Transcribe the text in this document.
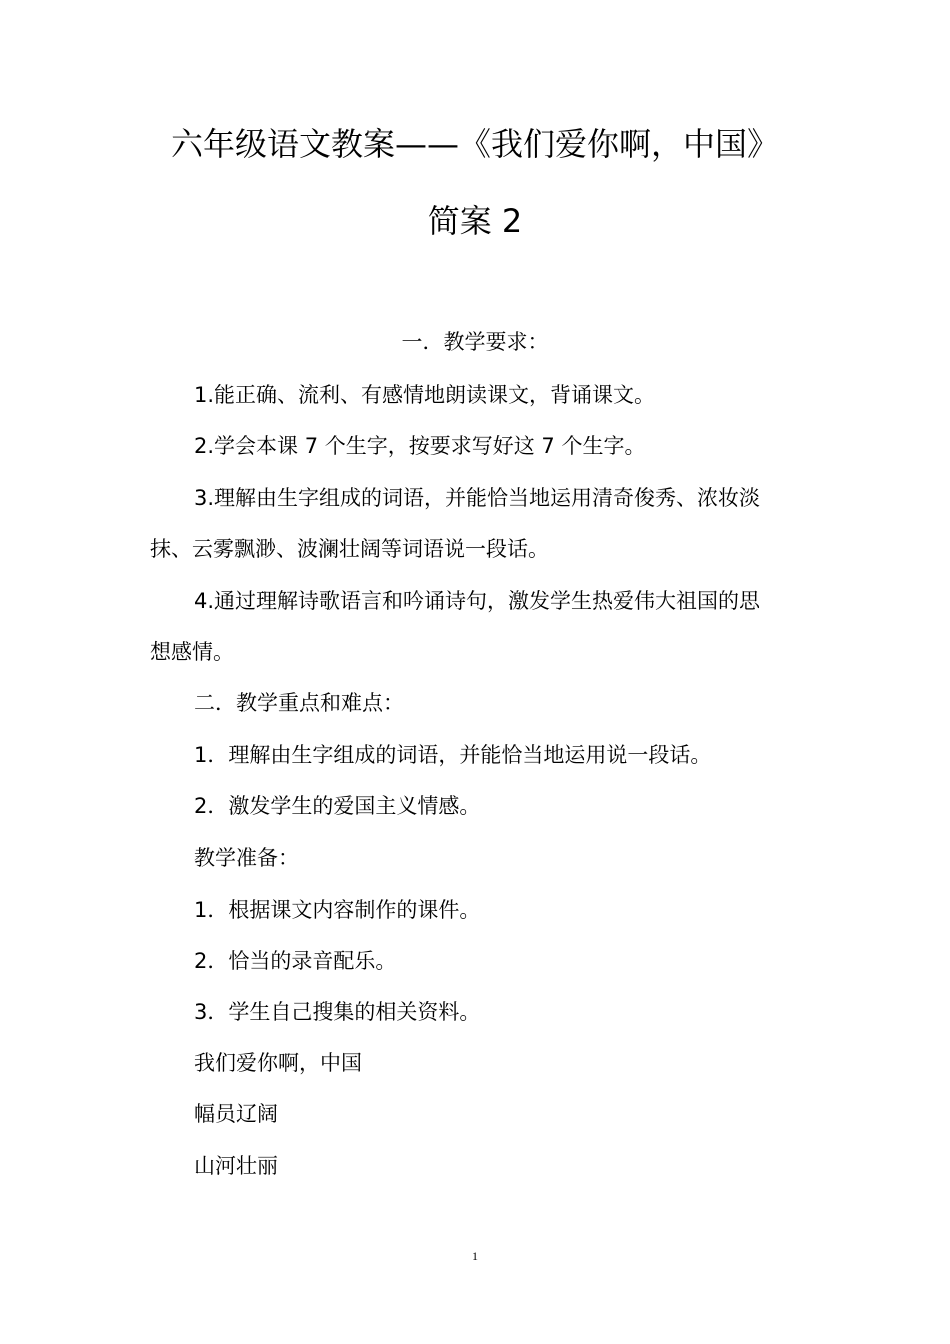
六年级语文教案——《我们爱你啊，中国》
简案 2
一．教学要求：
1.能正确、流利、有感情地朗读课文，背诵课文。
2.学会本课 7 个生字，按要求写好这 7 个生字。
3.理解由生字组成的词语，并能恰当地运用清奇俊秀、浓妆淡
抹、云雾飘渺、波澜壮阔等词语说一段话。
4.通过理解诗歌语言和吟诵诗句，激发学生热爱伟大祖国的思
想感情。
二．教学重点和难点：
1．理解由生字组成的词语，并能恰当地运用说一段话。
2．激发学生的爱国主义情感。
教学准备：
1．根据课文内容制作的课件。
2．恰当的录音配乐。
3．学生自己搜集的相关资料。
我们爱你啊，中国
幅员辽阔
山河壮丽
1
